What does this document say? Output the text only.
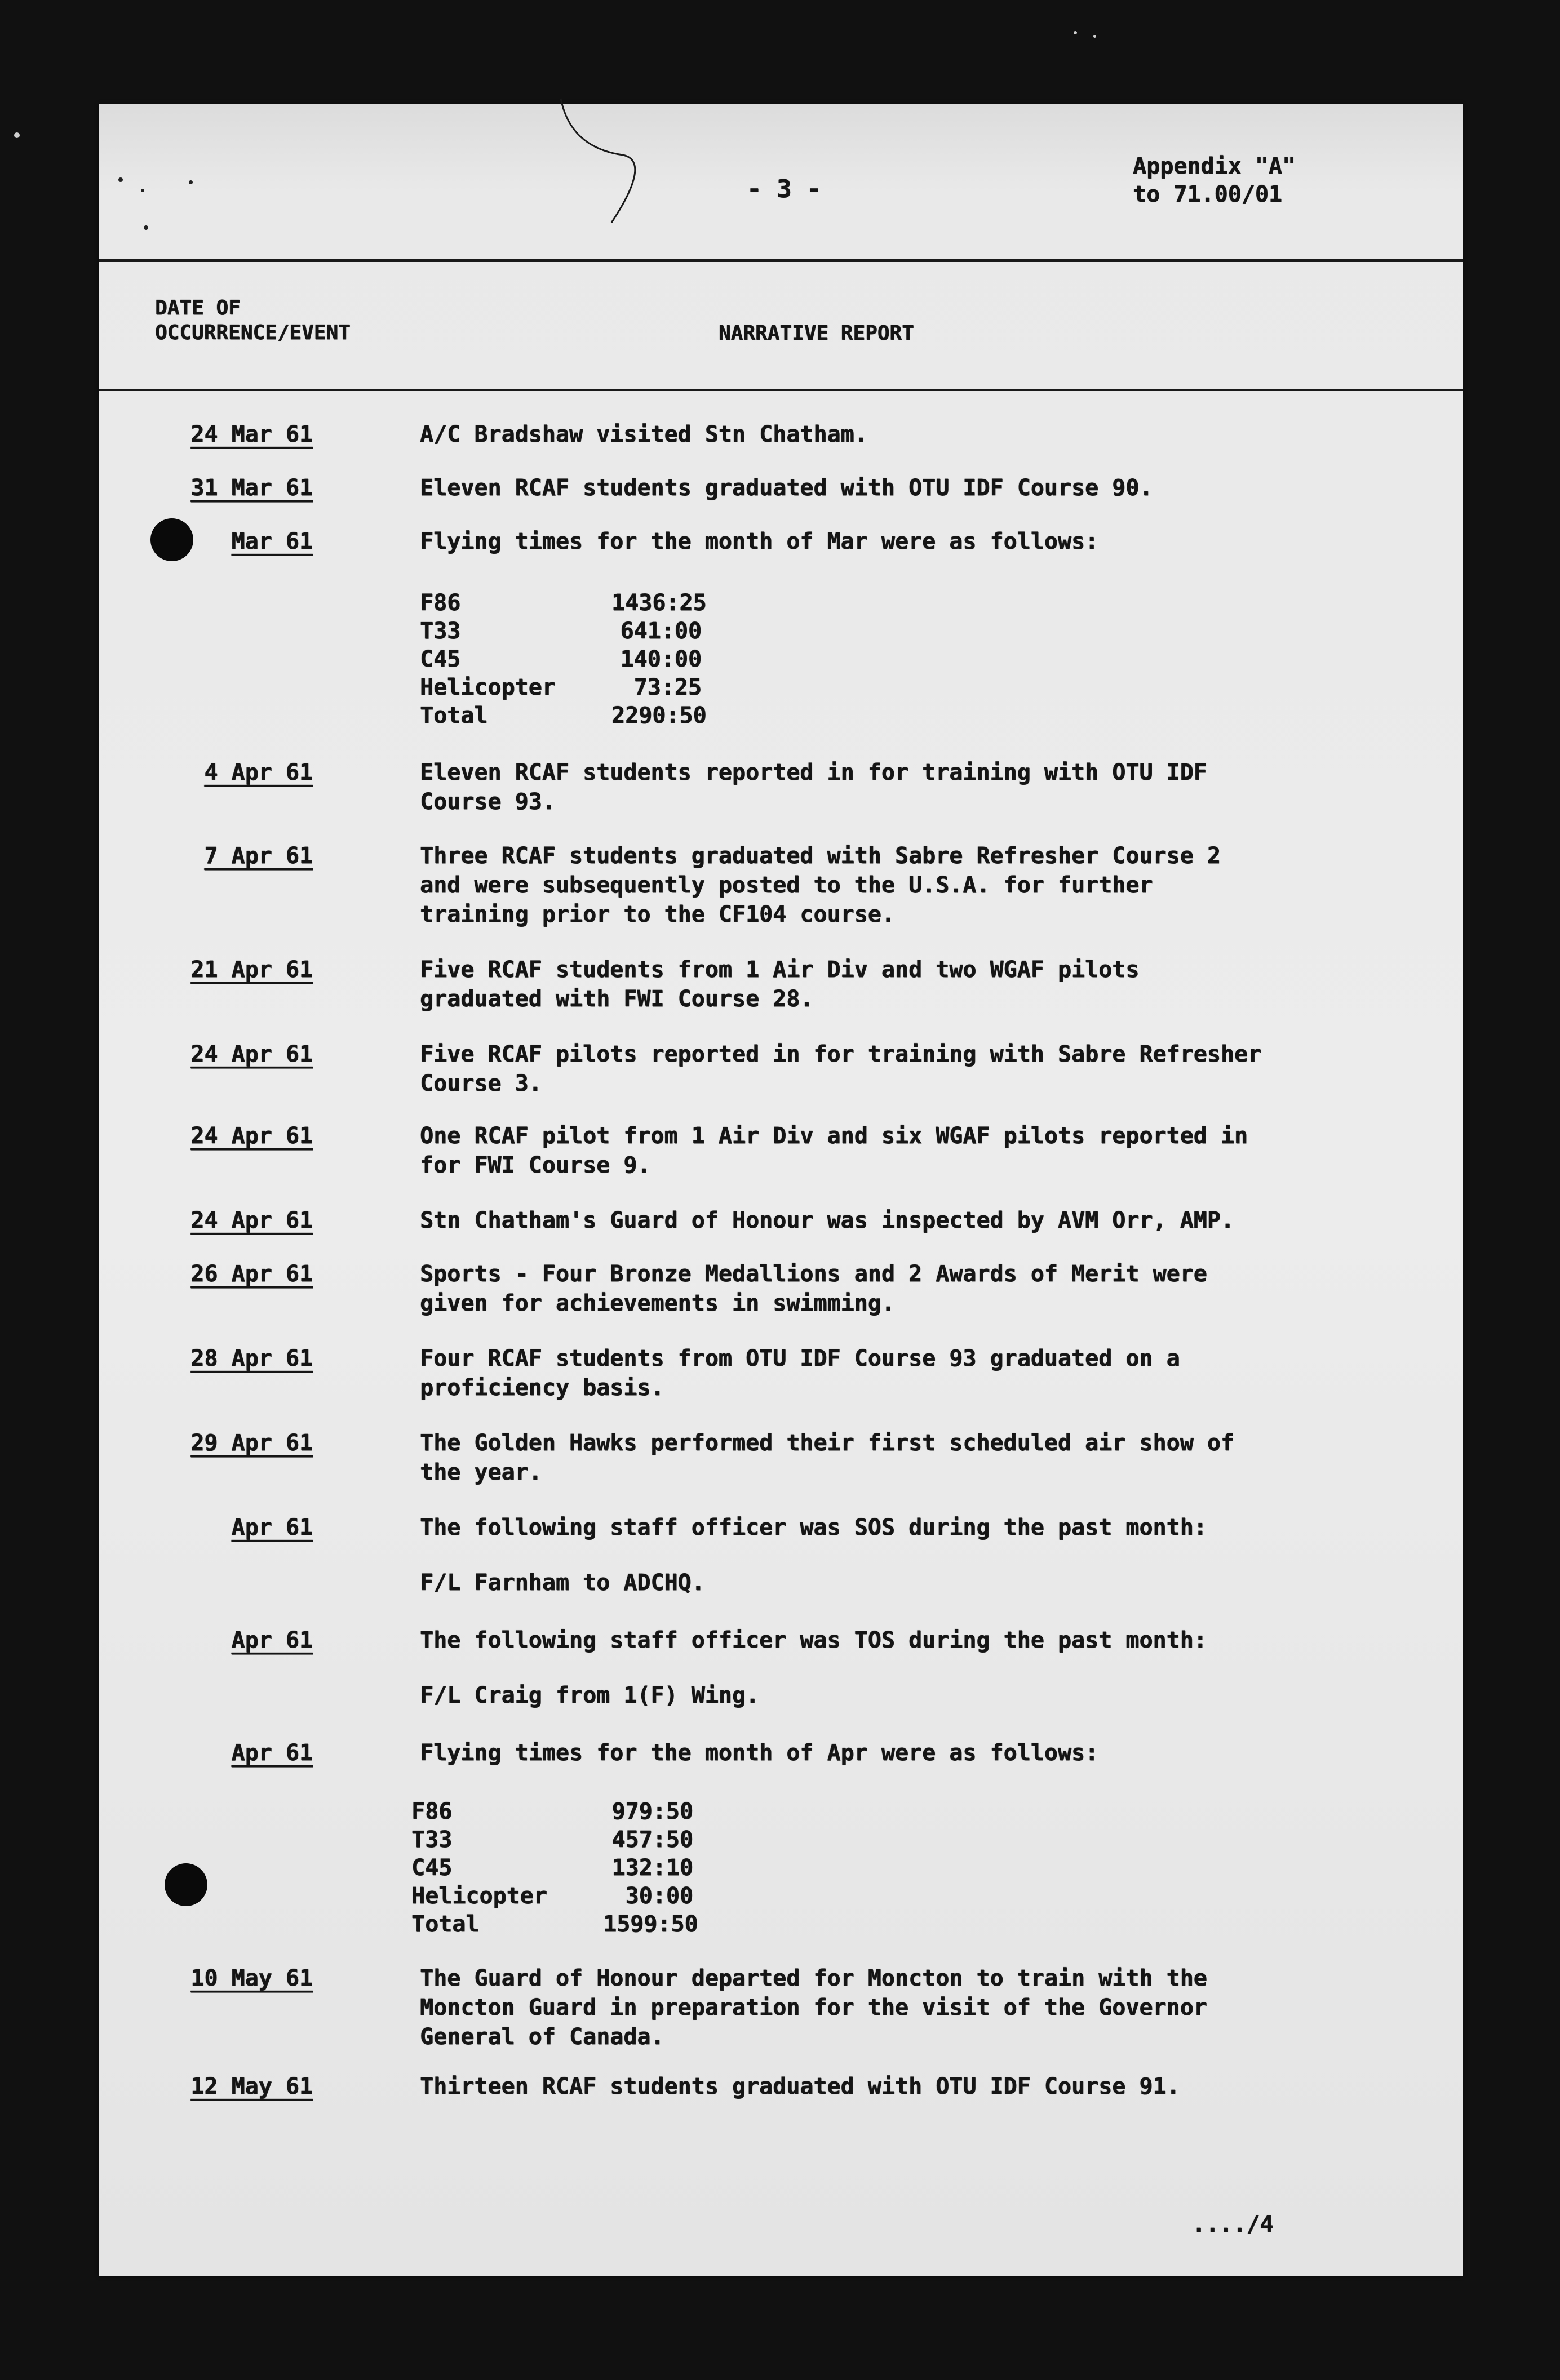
- 3 -
Appendix "A"
to 71.00/01
DATE OF
OCCURRENCE/EVENT	NARRATIVE REPORT
24 Mar 61	A/C Bradshaw visited Stn Chatham.
31 Mar 61	Eleven RCAF students graduated with OTU IDF Course 90.
Mar 61	Flying times for the month of Mar were as follows:
F86	1436:25
T33	641:00
C45	140:00
Helicopter	73:25
Total	2290:50
4 Apr 61	Eleven RCAF students reported in for training with OTU IDF
Course 93.
7 Apr 61	Three RCAF students graduated with Sabre Refresher Course 2
and were subsequently posted to the U.S.A. for further
training prior to the CF104 course.
21 Apr 61	Five RCAF students from 1 Air Div and two WGAF pilots
graduated with FWI Course 28.
24 Apr 61	Five RCAF pilots reported in for training with Sabre Refresher
Course 3.
24 Apr 61	One RCAF pilot from 1 Air Div and six WGAF pilots reported in
for FWI Course 9.
24 Apr 61	Stn Chatham's Guard of Honour was inspected by AVM Orr, AMP.
26 Apr 61	Sports - Four Bronze Medallions and 2 Awards of Merit were
given for achievements in swimming.
28 Apr 61	Four RCAF students from OTU IDF Course 93 graduated on a
proficiency basis.
29 Apr 61	The Golden Hawks performed their first scheduled air show of
the year.
Apr 61	The following staff officer was SOS during the past month:
F/L Farnham to ADCHQ.
Apr 61	The following staff officer was TOS during the past month:
F/L Craig from 1(F) Wing.
Apr 61	Flying times for the month of Apr were as follows:
F86	979:50
T33	457:50
C45	132:10
Helicopter	30:00
Total	1599:50
10 May 61	The Guard of Honour departed for Moncton to train with the
Moncton Guard in preparation for the visit of the Governor
General of Canada.
12 May 61	Thirteen RCAF students graduated with OTU IDF Course 91.
..../4
